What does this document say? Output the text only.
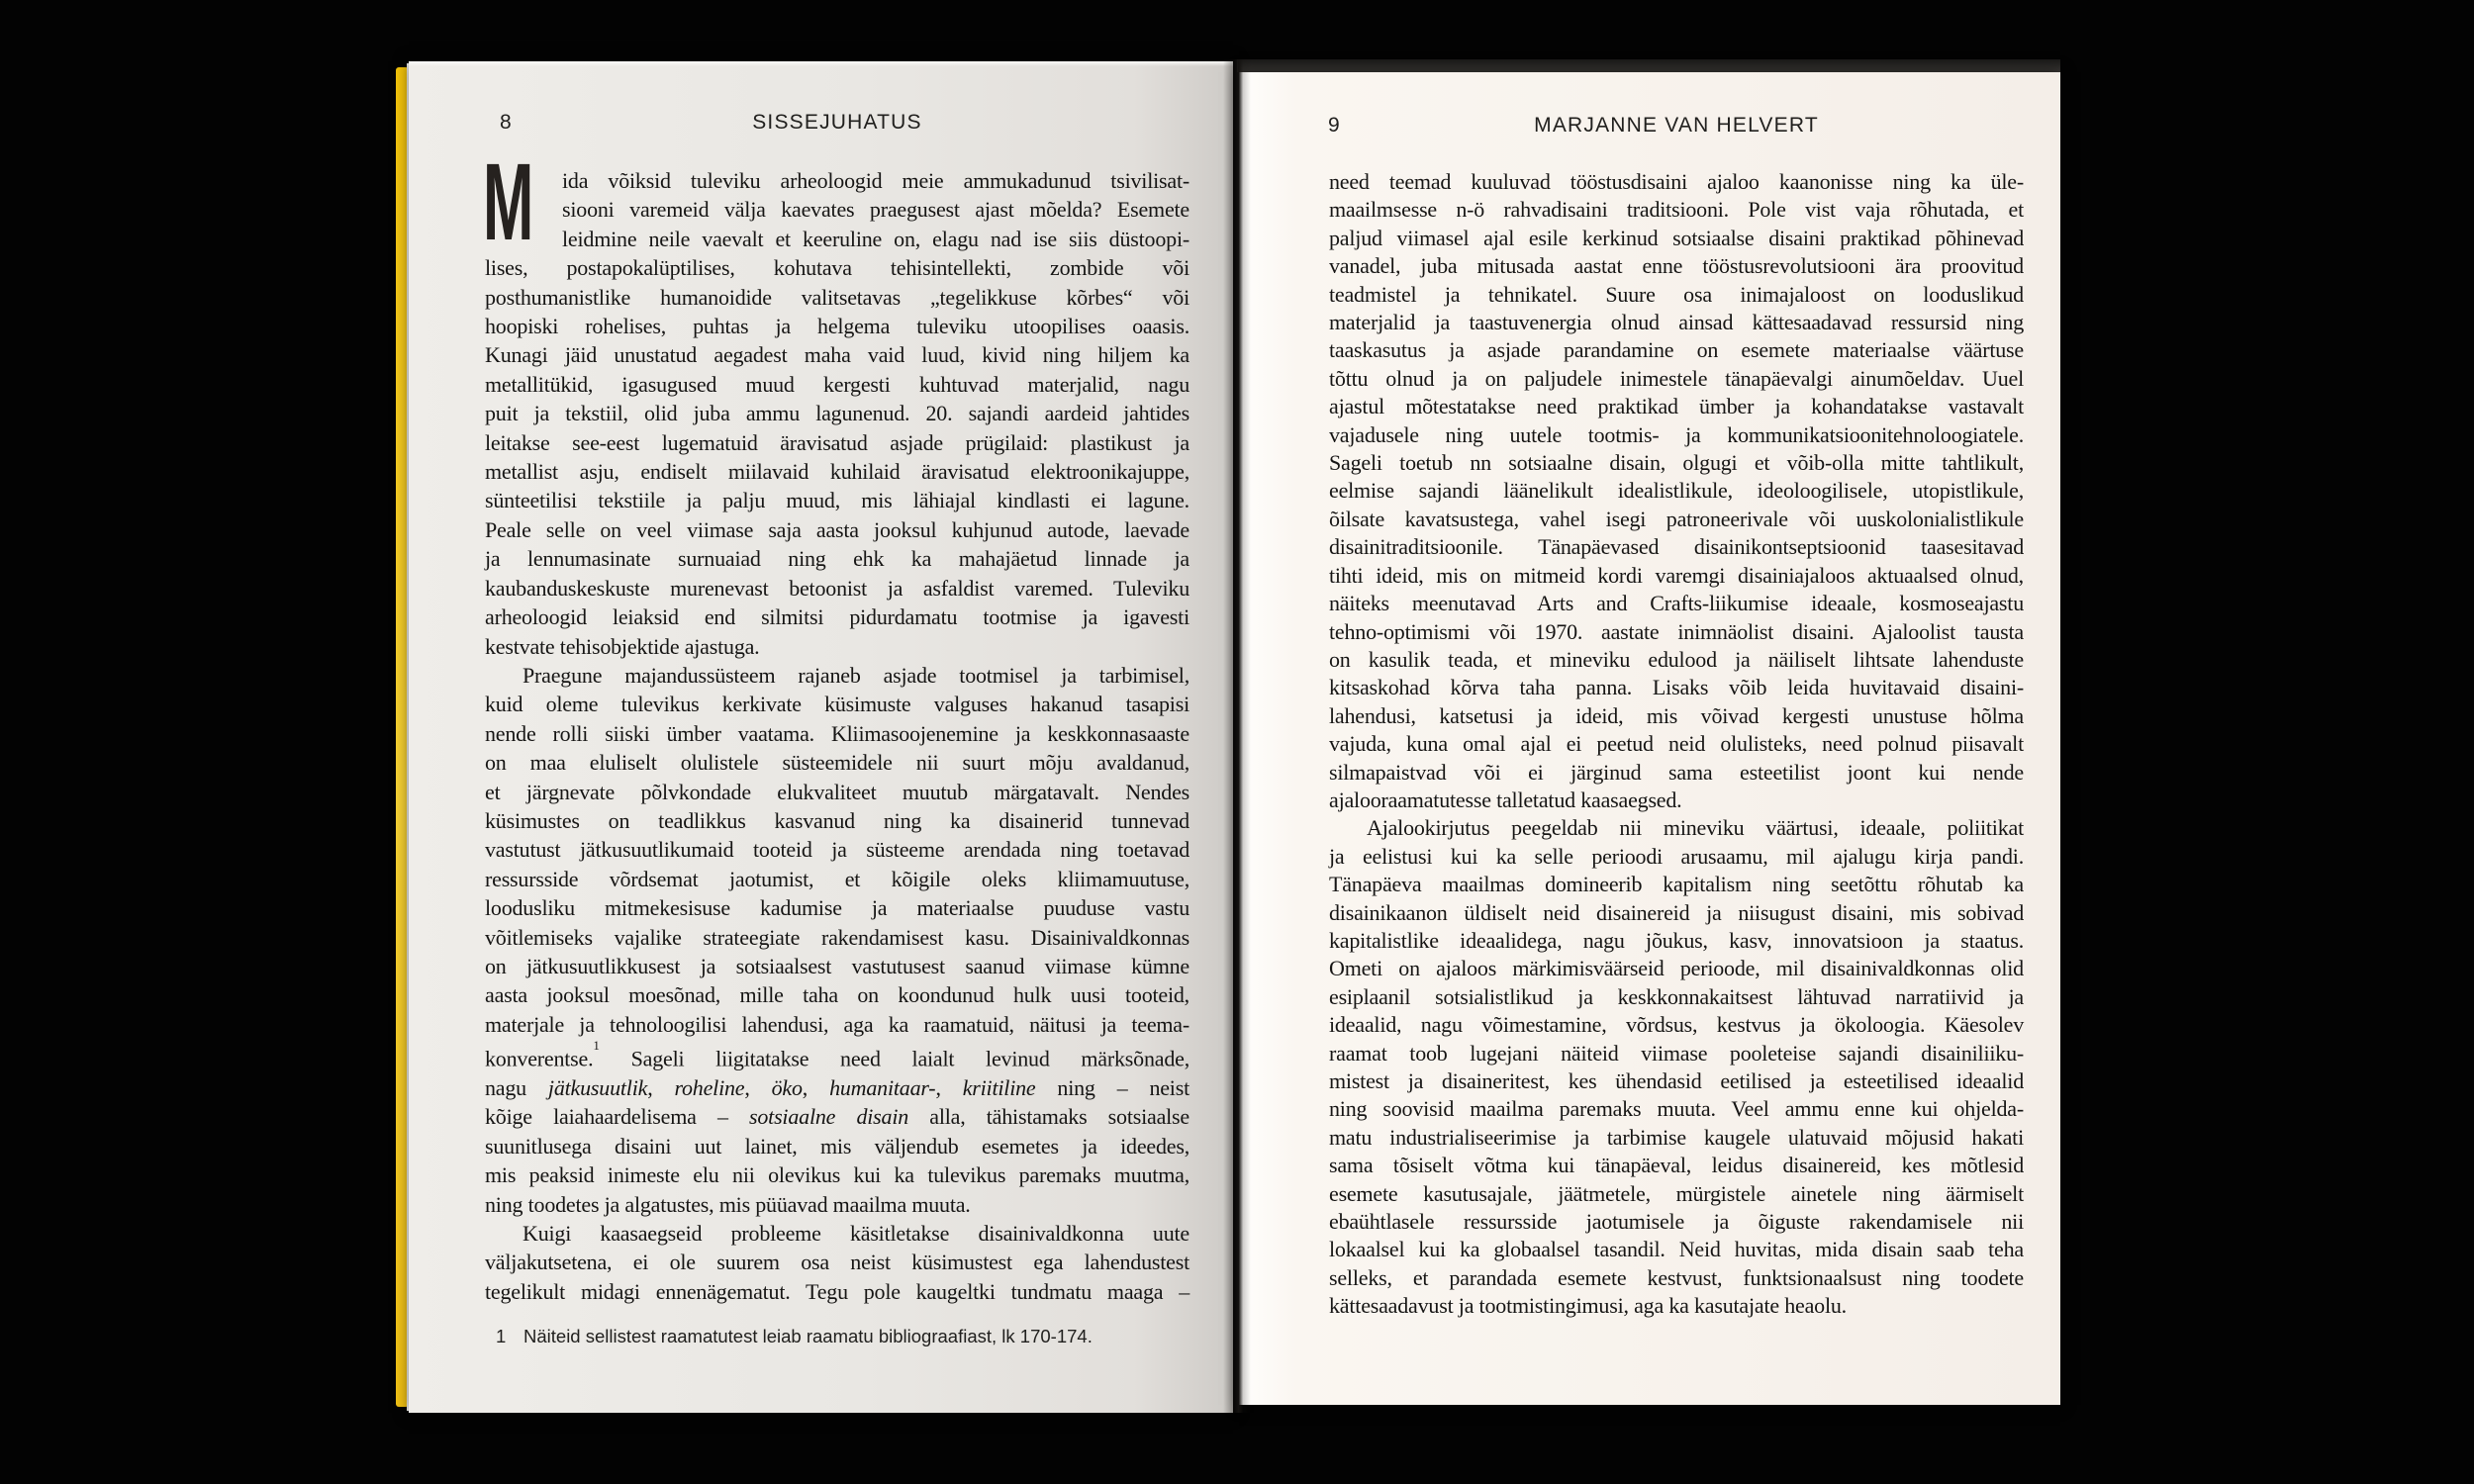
8	SISSEJUHATUS
M ida võiksid tuleviku arheoloogid meie ammukadunud tsivilisat-
siooni varemeid välja kaevates praegusest ajast mõelda? Esemete
leidmine neile vaevalt et keeruline on, elagu nad ise siis düstoopi-
lises, postapokalüptilises, kohutava tehisintellekti, zombide või
posthumanistlike humanoidide valitsetavas „tegelikkuse kõrbes“ või
hoopiski rohelises, puhtas ja helgema tuleviku utoopilises oaasis.
Kunagi jäid unustatud aegadest maha vaid luud, kivid ning hiljem ka
metallitükid, igasugused muud kergesti kuhtuvad materjalid, nagu
puit ja tekstiil, olid juba ammu lagunenud. 20. sajandi aardeid jahtides
leitakse see-eest lugematuid äravisatud asjade prügilaid: plastikust ja
metallist asju, endiselt miilavaid kuhilaid äravisatud elektroonikajuppe,
sünteetilisi tekstiile ja palju muud, mis lähiajal kindlasti ei lagune.
Peale selle on veel viimase saja aasta jooksul kuhjunud autode, laevade
ja lennumasinate surnuaiad ning ehk ka mahajäetud linnade ja
kaubanduskeskuste murenevast betoonist ja asfaldist varemed. Tuleviku
arheoloogid leiaksid end silmitsi pidurdamatu tootmise ja igavesti
kestvate tehisobjektide ajastuga.
Praegune majandussüsteem rajaneb asjade tootmisel ja tarbimisel,
kuid oleme tulevikus kerkivate küsimuste valguses hakanud tasapisi
nende rolli siiski ümber vaatama. Kliimasoojenemine ja keskkonnasaaste
on maa eluliselt olulistele süsteemidele nii suurt mõju avaldanud,
et järgnevate põlvkondade elukvaliteet muutub märgatavalt. Nendes
küsimustes on teadlikkus kasvanud ning ka disainerid tunnevad
vastutust jätkusuutlikumaid tooteid ja süsteeme arendada ning toetavad
ressursside võrdsemat jaotumist, et kõigile oleks kliimamuutuse,
loodusliku mitmekesisuse kadumise ja materiaalse puuduse vastu
võitlemiseks vajalike strateegiate rakendamisest kasu. Disainivaldkonnas
on jätkusuutlikkusest ja sotsiaalsest vastutusest saanud viimase kümne
aasta jooksul moesõnad, mille taha on koondunud hulk uusi tooteid,
materjale ja tehnoloogilisi lahendusi, aga ka raamatuid, näitusi ja teema-
konverentse.$^1$ Sageli liigitatakse need laialt levinud märksõnade,
nagu jätkusuutlik, roheline, öko, humanitaar-, kriitiline ning – neist
kõige laiahaardelisema – sotsiaalne disain alla, tähistamaks sotsiaalse
suunitlusega disaini uut lainet, mis väljendub esemetes ja ideedes,
mis peaksid inimeste elu nii olevikus kui ka tulevikus paremaks muutma,
ning toodetes ja algatustes, mis püüavad maailma muuta.
Kuigi kaasaegseid probleeme käsitletakse disainivaldkonna uute
väljakutsetena, ei ole suurem osa neist küsimustest ega lahendustest
tegelikult midagi ennenägematut. Tegu pole kaugeltki tundmatu maaga –
1 Näiteid sellistest raamatutest leiab raamatu bibliograafiast, lk 170-174.
9	MARJANNE VAN HELVERT
need teemad kuuluvad tööstusdisaini ajaloo kaanonisse ning ka üle-
maailmsesse n-ö rahvadisaini traditsiooni. Pole vist vaja rõhutada, et
paljud viimasel ajal esile kerkinud sotsiaalse disaini praktikad põhinevad
vanadel, juba mitusada aastat enne tööstusrevolutsiooni ära proovitud
teadmistel ja tehnikatel. Suure osa inimajaloost on looduslikud
materjalid ja taastuvenergia olnud ainsad kättesaadavad ressursid ning
taaskasutus ja asjade parandamine on esemete materiaalse väärtuse
tõttu olnud ja on paljudele inimestele tänapäevalgi ainumõeldav. Uuel
ajastul mõtestatakse need praktikad ümber ja kohandatakse vastavalt
vajadusele ning uutele tootmis- ja kommunikatsioonitehnoloogiatele.
Sageli toetub nn sotsiaalne disain, olgugi et võib-olla mitte tahtlikult,
eelmise sajandi läänelikult idealistlikule, ideoloogilisele, utopistlikule,
õilsate kavatsustega, vahel isegi patroneerivale või uuskolonialistlikule
disainitraditsioonile. Tänapäevased disainikontseptsioonid taasesitavad
tihti ideid, mis on mitmeid kordi varemgi disainiajaloos aktuaalsed olnud,
näiteks meenutavad Arts and Crafts-liikumise ideaale, kosmoseajastu
tehno-optimismi või 1970. aastate inimnäolist disaini. Ajaloolist tausta
on kasulik teada, et mineviku edulood ja näiliselt lihtsate lahenduste
kitsaskohad kõrva taha panna. Lisaks võib leida huvitavaid disaini-
lahendusi, katsetusi ja ideid, mis võivad kergesti unustuse hõlma
vajuda, kuna omal ajal ei peetud neid olulisteks, need polnud piisavalt
silmapaistvad või ei järginud sama esteetilist joont kui nende
ajalooraamatutesse talletatud kaasaegsed.
Ajalookirjutus peegeldab nii mineviku väärtusi, ideaale, poliitikat
ja eelistusi kui ka selle perioodi arusaamu, mil ajalugu kirja pandi.
Tänapäeva maailmas domineerib kapitalism ning seetõttu rõhutab ka
disainikaanon üldiselt neid disainereid ja niisugust disaini, mis sobivad
kapitalistlike ideaalidega, nagu jõukus, kasv, innovatsioon ja staatus.
Ometi on ajaloos märkimisväärseid perioode, mil disainivaldkonnas olid
esiplaanil sotsialistlikud ja keskkonnakaitsest lähtuvad narratiivid ja
ideaalid, nagu võimestamine, võrdsus, kestvus ja ökoloogia. Käesolev
raamat toob lugejani näiteid viimase pooleteise sajandi disainiliiku-
mistest ja disaineritest, kes ühendasid eetilised ja esteetilised ideaalid
ning soovisid maailma paremaks muuta. Veel ammu enne kui ohjelda-
matu industrialiseerimise ja tarbimise kaugele ulatuvaid mõjusid hakati
sama tõsiselt võtma kui tänapäeval, leidus disainereid, kes mõtlesid
esemete kasutusajale, jäätmetele, mürgistele ainetele ning äärmiselt
ebaühtlasele ressursside jaotumisele ja õiguste rakendamisele nii
lokaalsel kui ka globaalsel tasandil. Neid huvitas, mida disain saab teha
selleks, et parandada esemete kestvust, funktsionaalsust ning toodete
kättesaadavust ja tootmistingimusi, aga ka kasutajate heaolu.
